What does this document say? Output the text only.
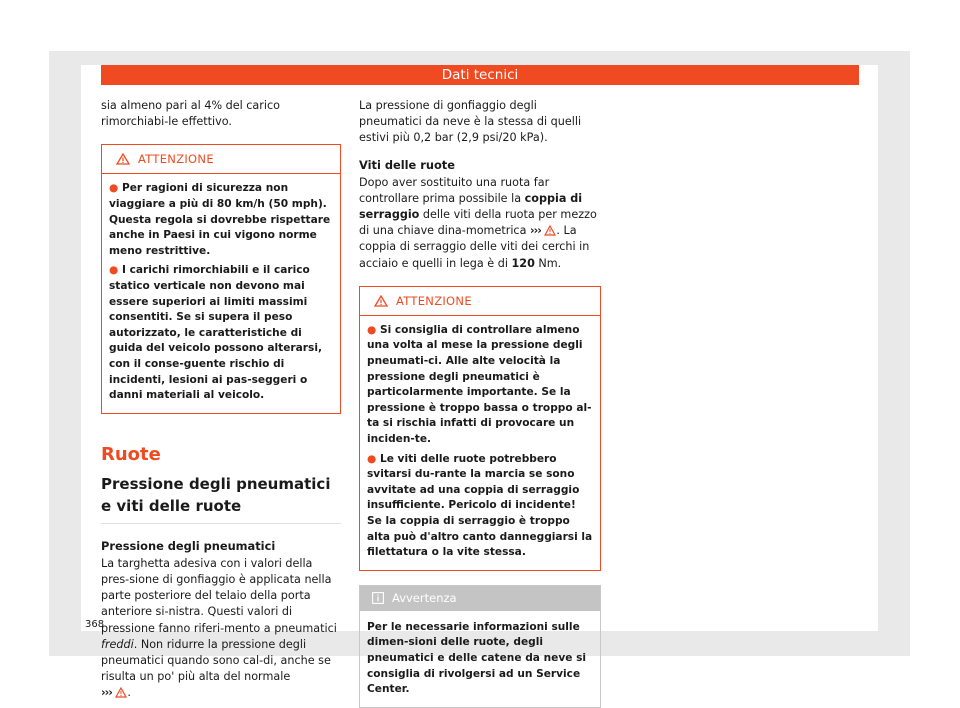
Dati tecnici

sia almeno pari al 4% del carico rimorchiabi-le effettivo.

ATTENZIONE

● Per ragioni di sicurezza non viaggiare a più di 80 km/h (50 mph). Questa regola si dovrebbe rispettare anche in Paesi in cui vigono norme meno restrittive.

● I carichi rimorchiabili e il carico statico verticale non devono mai essere superiori ai limiti massimi consentiti. Se si supera il peso autorizzato, le caratteristiche di guida del veicolo possono alterarsi, con il conse-guente rischio di incidenti, lesioni ai pas-seggeri o danni materiali al veicolo.

Ruote
Pressione degli pneumatici e viti delle ruote
Pressione degli pneumatici

La targhetta adesiva con i valori della pres-sione di gonfiaggio è applicata nella parte posteriore del telaio della porta anteriore si-nistra. Questi valori di pressione fanno riferi-mento a pneumatici freddi. Non ridurre la pressione degli pneumatici quando sono cal-di, anche se risulta un po' più alta del normale
››› .

La pressione di gonfiaggio degli pneumatici da neve è la stessa di quelli estivi più 0,2 bar (2,9 psi/20 kPa).

Viti delle ruote

Dopo aver sostituito una ruota far controllare prima possibile la coppia di serraggio delle viti della ruota per mezzo di una chiave dina-mometrica ››› . La coppia di serraggio delle viti dei cerchi in acciaio e quelli in lega è di 120 Nm.

ATTENZIONE

● Si consiglia di controllare almeno una volta al mese la pressione degli pneumati-ci. Alle alte velocità la pressione degli pneumatici è particolarmente importante. Se la pressione è troppo bassa o troppo al-ta si rischia infatti di provocare un inciden-te.

● Le viti delle ruote potrebbero svitarsi du-rante la marcia se sono avvitate ad una coppia di serraggio insufficiente. Pericolo di incidente! Se la coppia di serraggio è troppo alta può d'altro canto danneggiarsi la filettatura o la vite stessa.

Avvertenza

Per le necessarie informazioni sulle dimen-sioni delle ruote, degli pneumatici e delle catene da neve si consiglia di rivolgersi ad un Service Center.

368
